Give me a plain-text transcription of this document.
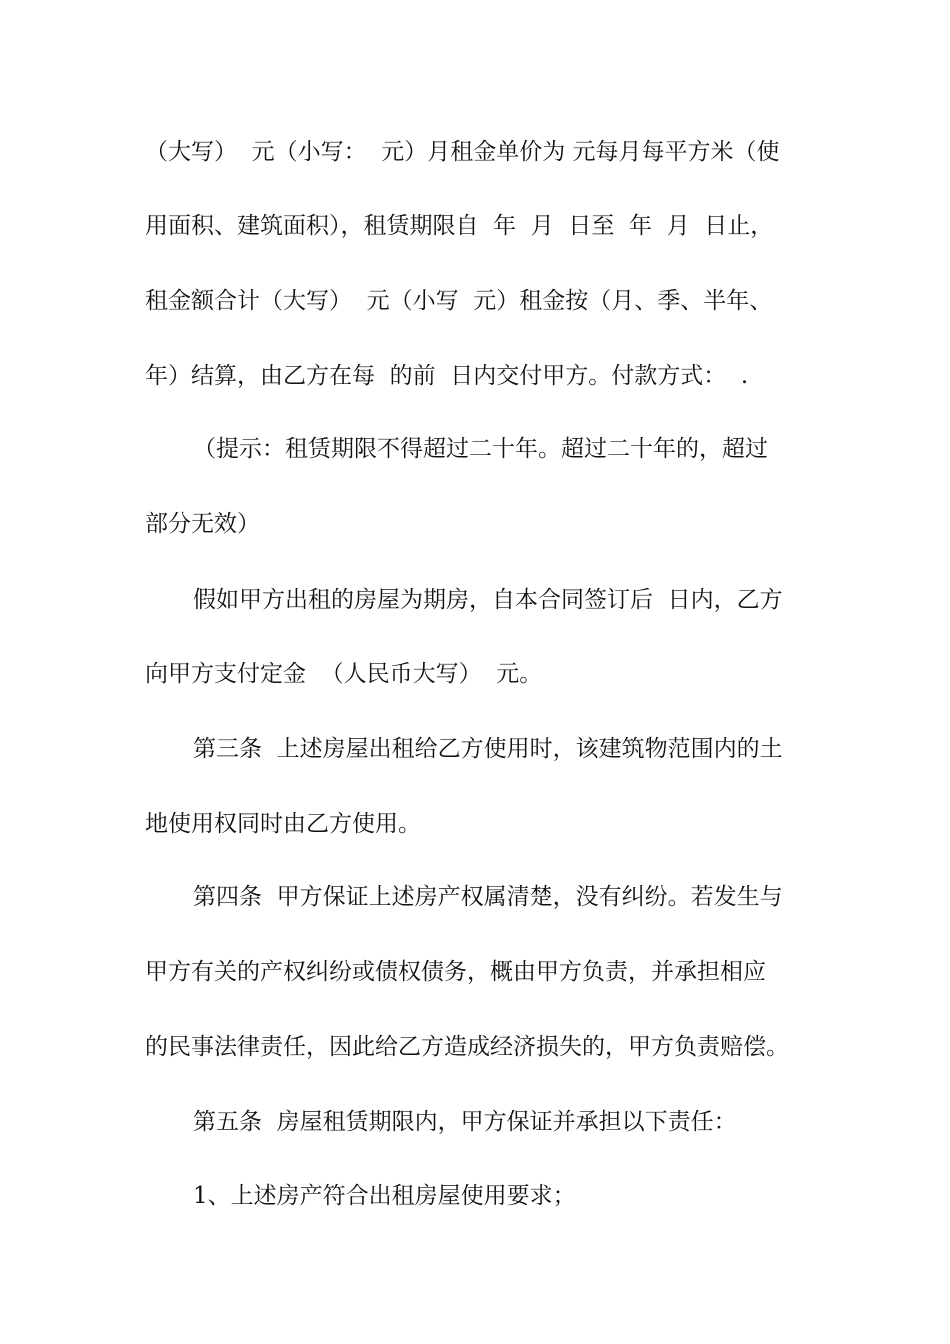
（大写）  元（小写：  元）月租金单价为 元每月每平方米（使
用面积、建筑面积），租赁期限自  年  月  日至  年  月  日止，
租金额合计（大写）  元（小写  元）租金按（月、季、半年、
年）结算，由乙方在每  的前  日内交付甲方。付款方式：  .
（提示：租赁期限不得超过二十年。超过二十年的，超过
部分无效）
假如甲方出租的房屋为期房，自本合同签订后  日内，乙方
向甲方支付定金  （人民币大写）  元。
第三条  上述房屋出租给乙方使用时，该建筑物范围内的土
地使用权同时由乙方使用。
第四条  甲方保证上述房产权属清楚，没有纠纷。若发生与
甲方有关的产权纠纷或债权债务，概由甲方负责，并承担相应
的民事法律责任，因此给乙方造成经济损失的，甲方负责赔偿。
第五条  房屋租赁期限内，甲方保证并承担以下责任：
1、上述房产符合出租房屋使用要求；
